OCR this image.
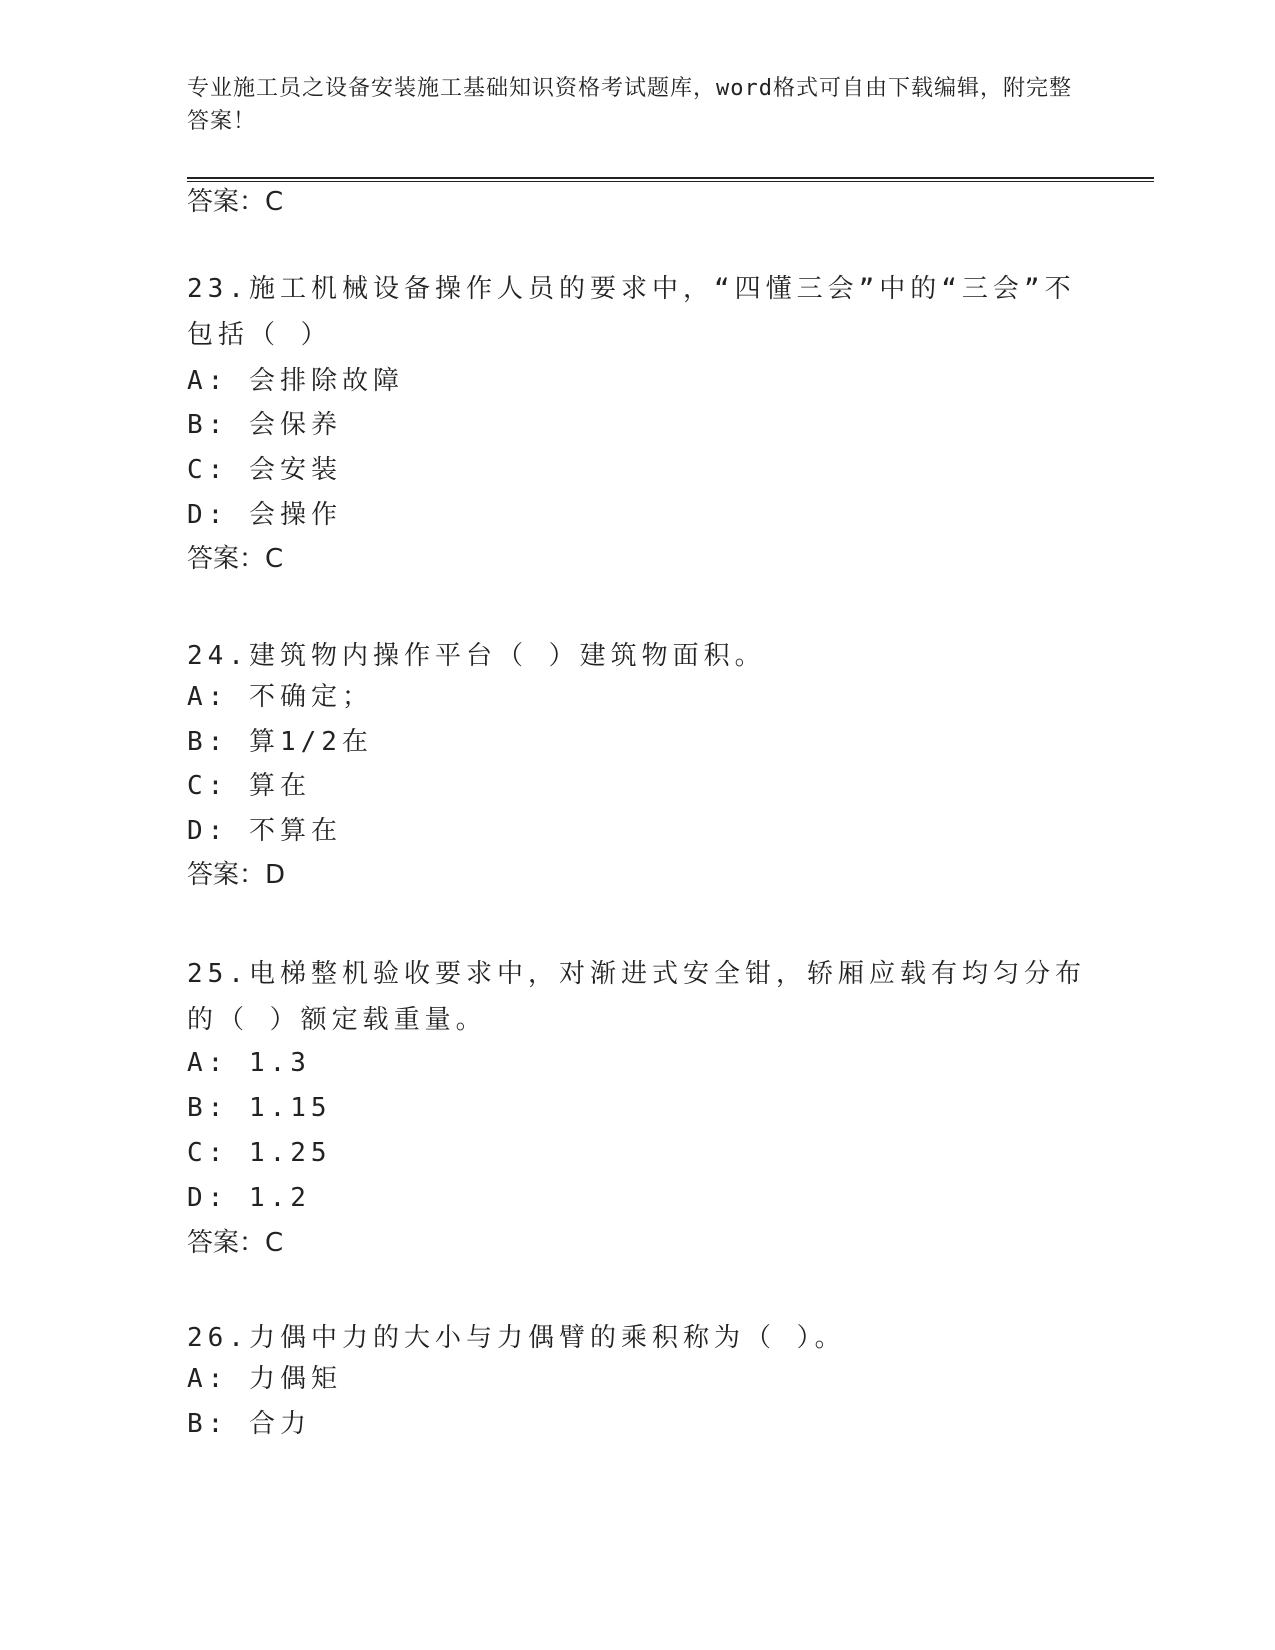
专业施工员之设备安装施工基础知识资格考试题库，word格式可自由下载编辑，附完整答案！
答案：C
23.施工机械设备操作人员的要求中，“四懂三会”中的“三会”不包括（ ）
A: 会排除故障
B: 会保养
C: 会安装
D: 会操作
答案：C
24.建筑物内操作平台（ ）建筑物面积。
A: 不确定；
B: 算1/2在
C: 算在
D: 不算在
答案：D
25.电梯整机验收要求中，对渐进式安全钳，轿厢应载有均匀分布的（ ）额定载重量。
A: 1.3
B: 1.15
C: 1.25
D: 1.2
答案：C
26.力偶中力的大小与力偶臂的乘积称为（ ）。
A: 力偶矩
B: 合力
